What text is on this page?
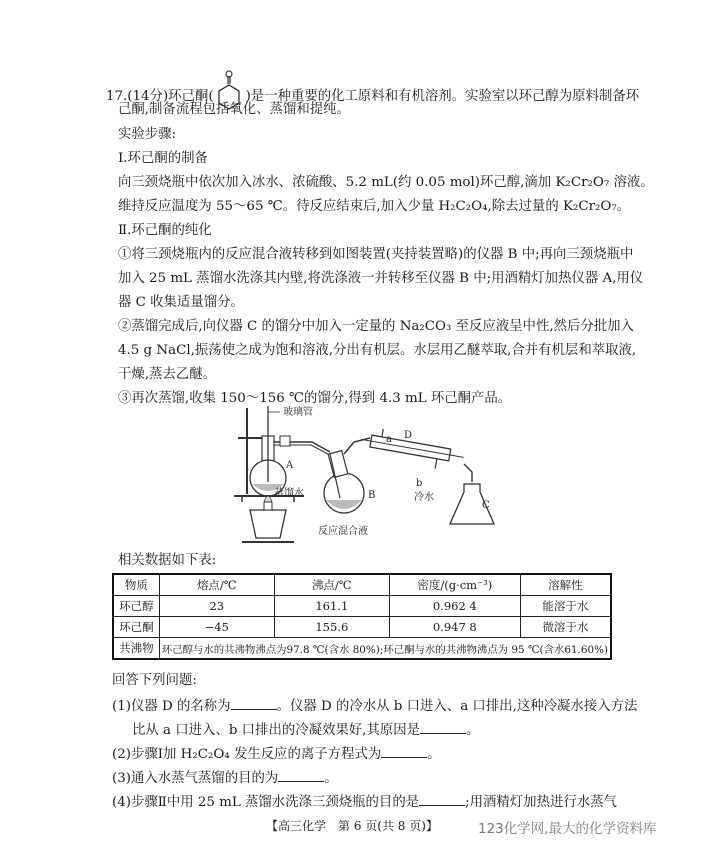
17.(14分)环己酮( )是一种重要的化工原料和有机溶剂。实验室以环己醇为原料制备环
己酮,制备流程包括氧化、蒸馏和提纯。
实验步骤:
Ⅰ.环己酮的制备
向三颈烧瓶中依次加入冰水、浓硫酸、5.2 mL(约 0.05 mol)环己醇,滴加 K₂Cr₂O₇ 溶液。
维持反应温度为 55～65 ℃。待反应结束后,加入少量 H₂C₂O₄,除去过量的 K₂Cr₂O₇。
Ⅱ.环己酮的纯化
①将三颈烧瓶内的反应混合液转移到如图装置(夹持装置略)的仪器 B 中;再向三颈烧瓶中
加入 25 mL 蒸馏水洗涤其内壁,将洗涤液一并转移至仪器 B 中;用酒精灯加热仪器 A,用仪
器 C 收集适量馏分。
②蒸馏完成后,向仪器 C 的馏分中加入一定量的 Na₂CO₃ 至反应液呈中性,然后分批加入
4.5 g NaCl,振荡使之成为饱和溶液,分出有机层。水层用乙醚萃取,合并有机层和萃取液,
干燥,蒸去乙醚。
③再次蒸馏,收集 150～156 ℃的馏分,得到 4.3 mL 环己酮产品。
玻璃管
A
蒸馏水	B
反应混合液
a D
b
冷水
C
相关数据如下表:
物质	熔点/℃	沸点/℃	密度/(g·cm⁻³)	溶解性
环己醇	23	161.1	0.962 4	能溶于水
环己酮	−45	155.6	0.947 8	微溶于水
共沸物	环己醇与水的共沸物沸点为97.8 ℃(含水 80%);环己酮与水的共沸物沸点为 95 ℃(含水61.60%)			
回答下列问题:
(1)仪器 D 的名称为	。仪器 D 的冷水从 b 口进入、a 口排出,这种冷凝水接入方法
比从 a 口进入、b 口排出的冷凝效果好,其原因是	。
(2)步骤Ⅰ加 H₂C₂O₄ 发生反应的离子方程式为	。
(3)通入水蒸气蒸馏的目的为	。
(4)步骤Ⅱ中用 25 mL 蒸馏水洗涤三颈烧瓶的目的是	;用酒精灯加热进行水蒸气
【高三化学　第 6 页(共 8 页)】	123化学网,最大的化学资料库
